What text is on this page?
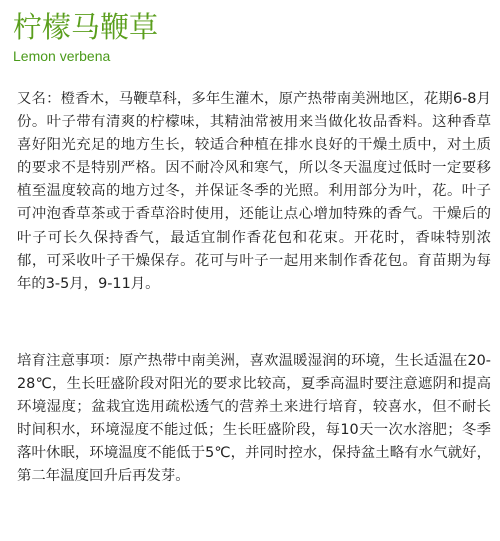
柠檬马鞭草
Lemon verbena

又名：橙香木，马鞭草科，多年生灌木，原产热带南美洲地区，花期6-8月份。叶子带有清爽的柠檬味，其精油常被用来当做化妆品香料。这种香草喜好阳光充足的地方生长，较适合种植在排水良好的干燥土质中，对土质的要求不是特别严格。因不耐冷风和寒气，所以冬天温度过低时一定要移植至温度较高的地方过冬，并保证冬季的光照。利用部分为叶，花。叶子可冲泡香草茶或于香草浴时使用，还能让点心增加特殊的香气。干燥后的叶子可长久保持香气，最适宜制作香花包和花束。开花时，香味特别浓郁，可采收叶子干燥保存。花可与叶子一起用来制作香花包。育苗期为每年的3-5月，9-11月。

培育注意事项：原产热带中南美洲，喜欢温暖湿润的环境，生长适温在20-28℃，生长旺盛阶段对阳光的要求比较高，夏季高温时要注意遮阴和提高环境湿度；盆栽宜选用疏松透气的营养土来进行培育，较喜水，但不耐长时间积水，环境湿度不能过低；生长旺盛阶段，每10天一次水溶肥；冬季落叶休眠，环境温度不能低于5℃，并同时控水，保持盆土略有水气就好，第二年温度回升后再发芽。
